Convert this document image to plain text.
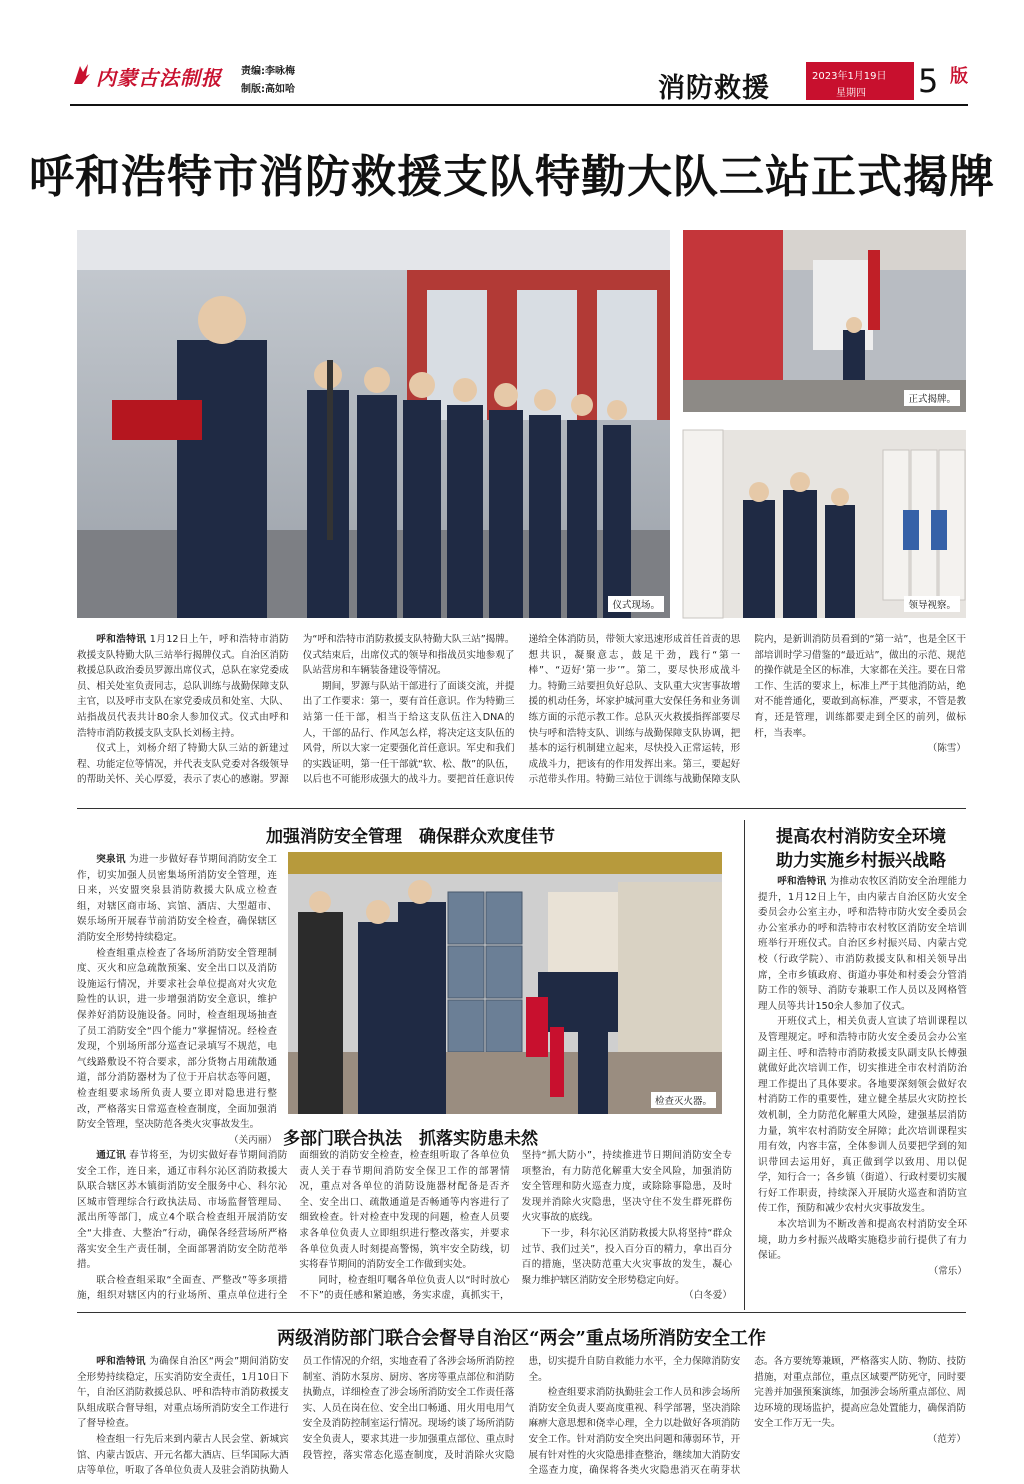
内蒙古法制报 责编:李咏梅
制版:高如哈	消防救援	2023年1月19日
星期四 5 版
呼和浩特市消防救援支队特勤大队三站正式揭牌
仪式现场。
正式揭牌。
领导视察。

呼和浩特讯 1月12日上午，呼和浩特市消防救援支队特勤大队三站举行揭牌仪式。自治区消防救援总队政治委员罗源出席仪式，总队在家党委成员、相关处室负责同志，总队训练与战勤保障支队主官，以及呼市支队在家党委成员和处室、大队、站指战员代表共计80余人参加仪式。仪式由呼和浩特市消防救援支队支队长刘杨主持。

仪式上，刘杨介绍了特勤大队三站的新建过程、功能定位等情况，并代表支队党委对各级领导的帮助关怀、关心厚爱，表示了衷心的感谢。罗源为“呼和浩特市消防救援支队特勤大队三站”揭牌。仪式结束后，出席仪式的领导和指战员实地参观了队站营房和车辆装备建设等情况。

期间，罗源与队站干部进行了面谈交流，并提出了工作要求：第一，要有首任意识。作为特勤三站第一任干部，相当于给这支队伍注入DNA的人，干部的品行、作风怎么样，将决定这支队伍的风骨，所以大家一定要强化首任意识。军史和我们的实践证明，第一任干部就“软、松、散”的队伍，以后也不可能形成强大的战斗力。要把首任意识传递给全体消防员，带领大家迅速形成首任首责的思想共识，凝聚意志，鼓足干劲，践行“第一棒”、“迈好‘第一步’”。第二，要尽快形成战斗力。特勤三站要担负好总队、支队重大灾害事故增援的机动任务，坏家护城河重大安保任务和业务训练方面的示范示教工作。总队灭火救援指挥部要尽快与呼和浩特支队、训练与战勤保障支队协调，把基本的运行机制建立起来，尽快投入正常运转，形成战斗力，把该有的作用发挥出来。第三，要起好示范带头作用。特勤三站位于训练与战勤保障支队院内，是新训消防员看到的“第一站”，也是全区干部培训时学习借鉴的“最近站”，做出的示范、规范的操作就是全区的标准，大家都在关注。要在日常工作、生活的要求上，标准上严于其他消防站，绝对不能普通化，要敢到高标准，严要求，不管是教育，还是管理，训练都要走到全区的前列，做标杆，当表率。

（陈雪）
加强消防安全管理　确保群众欢度佳节

突泉讯 为进一步做好春节期间消防安全工作，切实加强人员密集场所消防安全管理，连日来，兴安盟突泉县消防救援大队成立检查组，对辖区商市场、宾馆、酒店、大型超市、娱乐场所开展春节前消防安全检查，确保辖区消防安全形势持续稳定。

检查组重点检查了各场所消防安全管理制度、灭火和应急疏散预案、安全出口以及消防设施运行情况，并要求社会单位提高对火灾危险性的认识，进一步增强消防安全意识，维护保养好消防设施设备。同时，检查组现场抽查了员工消防安全“四个能力”掌握情况。经检查发现，个别场所部分巡查记录填写不规范，电气线路敷设不符合要求，部分货物占用疏散通道，部分消防器材为了位于开启状态等问题，检查组要求场所负责人要立即对隐患进行整改，严格落实日常巡查检查制度，全面加强消防安全管理，坚决防范各类火灾事故发生。

（关丙丽）
检查灭火器。
多部门联合执法　抓落实防患未然

通辽讯 春节将至，为切实做好春节期间消防安全工作，连日来，通辽市科尔沁区消防救援大队联合辖区苏木镇街消防安全服务中心、科尔沁区城市管理综合行政执法局、市场监督管理局、派出所等部门，成立4个联合检查组开展消防安全“大排查、大整治”行动，确保各经营场所严格落实安全生产责任制，全面部署消防安全防范举措。

联合检查组采取“全面查、严整改”等多项措施，组织对辖区内的行业场所、重点单位进行全面细致的消防安全检查，检查组听取了各单位负责人关于春节期间消防安全保卫工作的部署情况，重点对各单位的消防设施器材配备是否齐全、安全出口、疏散通道是否畅通等内容进行了细致检查。针对检查中发现的问题，检查人员要求各单位负责人立即组织进行整改落实，并要求各单位负责人时刻提高警惕，筑牢安全防线，切实将春节期间的消防安全工作做到实处。

同时，检查组叮嘱各单位负责人以“时时放心不下”的责任感和紧迫感，务实求虚，真抓实干，坚持“抓大防小”，持续推进节日期间消防安全专项整治，有力防范化解重大安全风险，加强消防安全管理和防火巡查力度，或除除事隐患，及时发现并消除火灾隐患，坚决守住不发生群死群伤火灾事故的底线。

下一步，科尔沁区消防救援大队将坚持“群众过节、我们过关”，投入百分百的精力，拿出百分百的措施，坚决防范重大火灾事故的发生，凝心聚力维护辖区消防安全形势稳定向好。

（白冬爱）
提高农村消防安全环境
助力实施乡村振兴战略

呼和浩特讯 为推动农牧区消防安全治理能力提升，1月12日上午，由内蒙古自治区防火安全委员会办公室主办，呼和浩特市防火安全委员会办公室承办的呼和浩特市农村牧区消防安全培训班举行开班仪式。自治区乡村振兴局、内蒙古党校（行政学院）、市消防救援支队和相关领导出席，全市乡镇政府、街道办事处和村委会分管消防工作的领导、消防专兼职工作人员以及网格管理人员等共计150余人参加了仪式。

开班仪式上，相关负责人宣读了培训课程以及管理规定。呼和浩特市防火安全委员会办公室副主任、呼和浩特市消防救援支队副支队长傅强就做好此次培训工作，切实推进全市农村消防治理工作提出了具体要求。各地要深刻领会做好农村消防工作的重要性，建立健全基层火灾防控长效机制，全力防范化解重大风险，建强基层消防力量，筑牢农村消防安全屏障；此次培训课程实用有效，内容丰富，全体参训人员要把学到的知识带回去运用好，真正做到学以致用、用以促学，知行合一；各乡镇（街道）、行政村要切实履行好工作职责，持续深入开展防火巡查和消防宣传工作，预防和减少农村火灾事故发生。

本次培训为不断改善和提高农村消防安全环境，助力乡村振兴战略实施稳步前行提供了有力保证。

（常乐）
两级消防部门联合会督导自治区“两会”重点场所消防安全工作

呼和浩特讯 为确保自治区“两会”期间消防安全形势持续稳定，压实消防安全责任，1月10日下午，自治区消防救援总队、呼和浩特市消防救援支队组成联合督导组，对重点场所消防安全工作进行了督导检查。

检查组一行先后来到内蒙古人民会堂、新城宾馆、内蒙古饭店、开元名都大酒店、巨华国际大酒店等单位，听取了各单位负责人及驻会消防执勤人员工作情况的介绍，实地查看了各涉会场所消防控制室、消防水泵房、厨房、客房等重点部位和消防执勤点，详细检查了涉会场所消防安全工作责任落实、人员在岗在位、安全出口畅通、用火用电用气安全及消防控制室运行情况。现场约谈了场所消防安全负责人，要求其进一步加强重点部位、重点时段管控，落实常态化巡查制度，及时消除火灾隐患，切实提升自防自救能力水平，全力保障消防安全。

检查组要求消防执勤驻会工作人员和涉会场所消防安全负责人要高度重视、科学部署，坚决消除麻痹大意思想和侥幸心理，全力以赴做好各项消防安全工作。针对消防安全突出问题和薄弱环节，开展有针对性的火灾隐患排查整治，继续加大消防安全巡查力度，确保将各类火灾隐患消灭在萌芽状态。各方要统筹兼顾，严格落实人防、物防、技防措施，对重点部位，重点区域要严防死守，同时要完善并加强预案演练，加强涉会场所重点部位、周边环境的现场监护，提高应急处置能力，确保消防安全工作万无一失。

（范芳）
